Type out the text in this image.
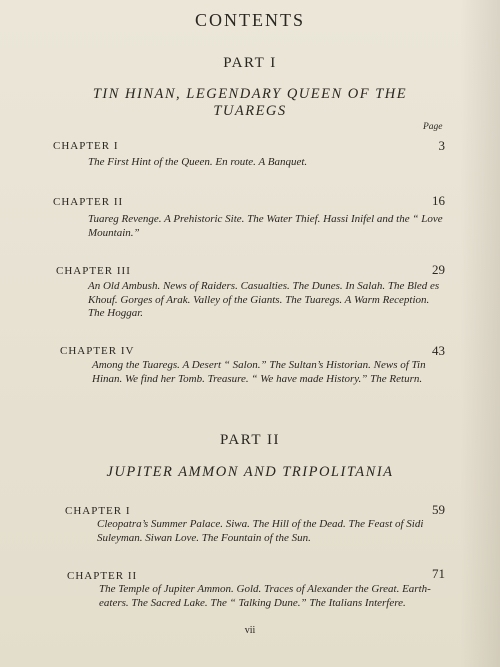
CONTENTS
PART I
TIN HINAN, LEGENDARY QUEEN OF THE TUAREGS
Page
CHAPTER I	3
The First Hint of the Queen. En route. A Banquet.
CHAPTER II	16
Tuareg Revenge. A Prehistoric Site. The Water Thief. Hassi Inifel and the “ Love Mountain.”
CHAPTER III	29
An Old Ambush. News of Raiders. Casualties. The Dunes. In Salah. The Bled es Khouf. Gorges of Arak. Valley of the Giants. The Tuaregs. A Warm Reception. The Hoggar.
CHAPTER IV	43
Among the Tuaregs. A Desert “ Salon.” The Sultan’s Historian. News of Tin Hinan. We find her Tomb. Treasure. “ We have made History.” The Return.
PART II
JUPITER AMMON AND TRIPOLITANIA
CHAPTER I	59
Cleopatra’s Summer Palace. Siwa. The Hill of the Dead. The Feast of Sidi Suleyman. Siwan Love. The Fountain of the Sun.
CHAPTER II	71
The Temple of Jupiter Ammon. Gold. Traces of Alexander the Great. Earth-eaters. The Sacred Lake. The “ Talking Dune.” The Italians Interfere.
vii
